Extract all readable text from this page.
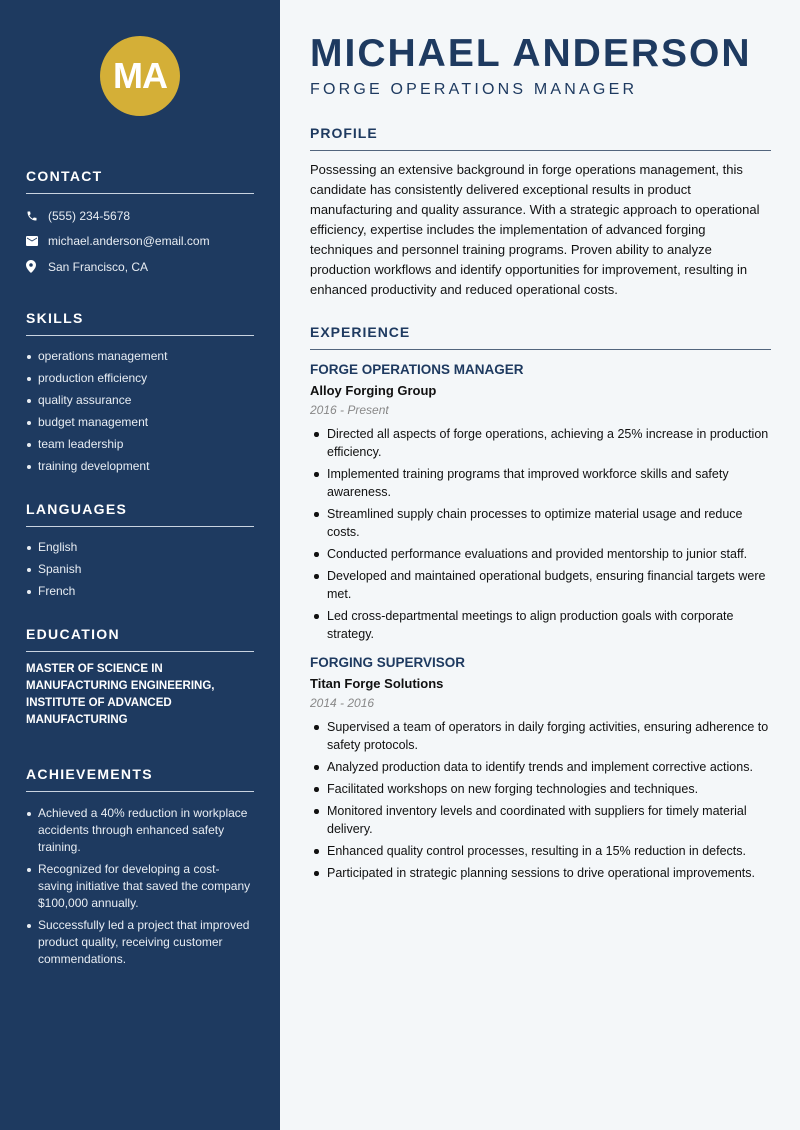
MA
CONTACT
(555) 234-5678
michael.anderson@email.com
San Francisco, CA
SKILLS
operations management
production efficiency
quality assurance
budget management
team leadership
training development
LANGUAGES
English
Spanish
French
EDUCATION
MASTER OF SCIENCE IN MANUFACTURING ENGINEERING, INSTITUTE OF ADVANCED MANUFACTURING
ACHIEVEMENTS
Achieved a 40% reduction in workplace accidents through enhanced safety training.
Recognized for developing a cost-saving initiative that saved the company $100,000 annually.
Successfully led a project that improved product quality, receiving customer commendations.
MICHAEL ANDERSON
FORGE OPERATIONS MANAGER
PROFILE

Possessing an extensive background in forge operations management, this candidate has consistently delivered exceptional results in product manufacturing and quality assurance. With a strategic approach to operational efficiency, expertise includes the implementation of advanced forging techniques and personnel training programs. Proven ability to analyze production workflows and identify opportunities for improvement, resulting in enhanced productivity and reduced operational costs.

EXPERIENCE
FORGE OPERATIONS MANAGER
Alloy Forging Group
2016 - Present
Directed all aspects of forge operations, achieving a 25% increase in production efficiency.
Implemented training programs that improved workforce skills and safety awareness.
Streamlined supply chain processes to optimize material usage and reduce costs.
Conducted performance evaluations and provided mentorship to junior staff.
Developed and maintained operational budgets, ensuring financial targets were met.
Led cross-departmental meetings to align production goals with corporate strategy.
FORGING SUPERVISOR
Titan Forge Solutions
2014 - 2016
Supervised a team of operators in daily forging activities, ensuring adherence to safety protocols.
Analyzed production data to identify trends and implement corrective actions.
Facilitated workshops on new forging technologies and techniques.
Monitored inventory levels and coordinated with suppliers for timely material delivery.
Enhanced quality control processes, resulting in a 15% reduction in defects.
Participated in strategic planning sessions to drive operational improvements.
